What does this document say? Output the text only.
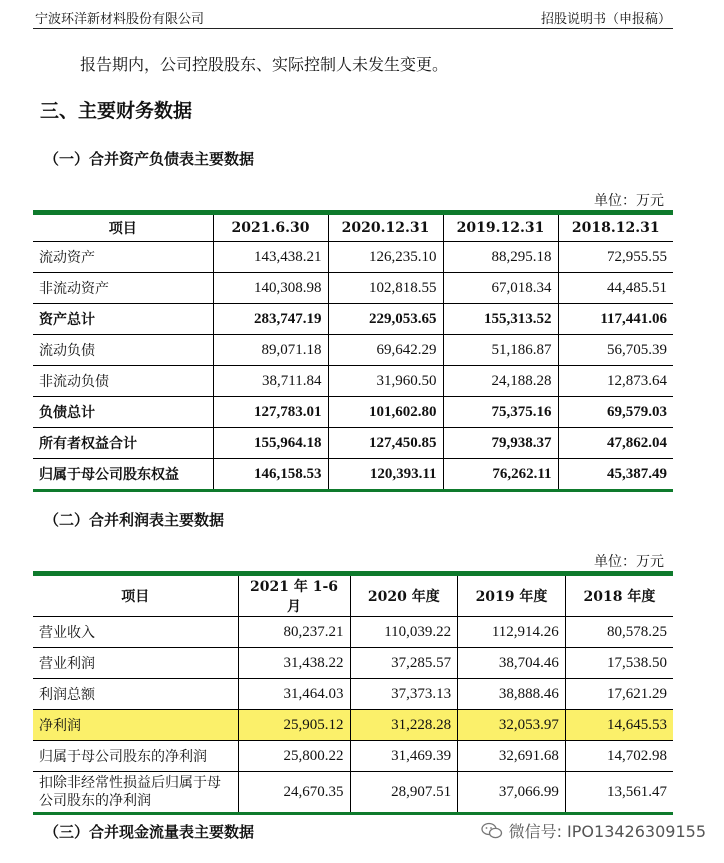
宁波环洋新材料股份有限公司	招股说明书（申报稿）
报告期内，公司控股股东、实际控制人未发生变更。
三、主要财务数据
（一）合并资产负债表主要数据
单位：万元
项目	2021.6.30	2020.12.31	2019.12.31	2018.12.31
流动资产	143,438.21	126,235.10	88,295.18	72,955.55
非流动资产	140,308.98	102,818.55	67,018.34	44,485.51
资产总计	283,747.19	229,053.65	155,313.52	117,441.06
流动负债	89,071.18	69,642.29	51,186.87	56,705.39
非流动负债	38,711.84	31,960.50	24,188.28	12,873.64
负债总计	127,783.01	101,602.80	75,375.16	69,579.03
所有者权益合计	155,964.18	127,450.85	79,938.37	47,862.04
归属于母公司股东权益	146,158.53	120,393.11	76,262.11	45,387.49
（二）合并利润表主要数据
单位：万元
项目	2021 年 1-6 月	2020 年度	2019 年度	2018 年度
营业收入	80,237.21	110,039.22	112,914.26	80,578.25
营业利润	31,438.22	37,285.57	38,704.46	17,538.50
利润总额	31,464.03	37,373.13	38,888.46	17,621.29
净利润	25,905.12	31,228.28	32,053.97	14,645.53
归属于母公司股东的净利润	25,800.22	31,469.39	32,691.68	14,702.98
扣除非经常性损益后归属于母公司股东的净利润	24,670.35	28,907.51	37,066.99	13,561.47
（三）合并现金流量表主要数据	微信号: IPO13426309155
